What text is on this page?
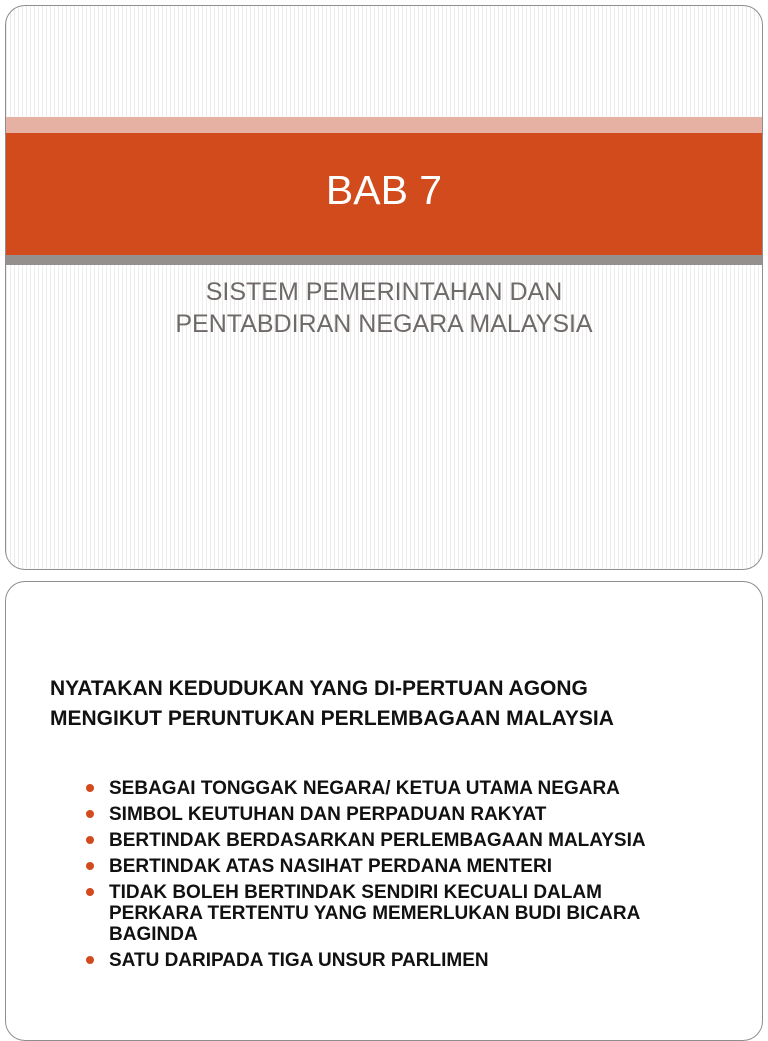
BAB 7
SISTEM PEMERINTAHAN DAN
PENTABDIRAN NEGARA MALAYSIA
NYATAKAN KEDUDUKAN YANG DI-PERTUAN AGONG
MENGIKUT PERUNTUKAN PERLEMBAGAAN MALAYSIA
SEBAGAI TONGGAK NEGARA/ KETUA UTAMA NEGARA
SIMBOL KEUTUHAN DAN PERPADUAN RAKYAT
BERTINDAK BERDASARKAN PERLEMBAGAAN MALAYSIA
BERTINDAK ATAS NASIHAT PERDANA MENTERI
TIDAK BOLEH BERTINDAK SENDIRI KECUALI DALAM
PERKARA TERTENTU YANG MEMERLUKAN BUDI BICARA
BAGINDA
SATU DARIPADA TIGA UNSUR PARLIMEN
